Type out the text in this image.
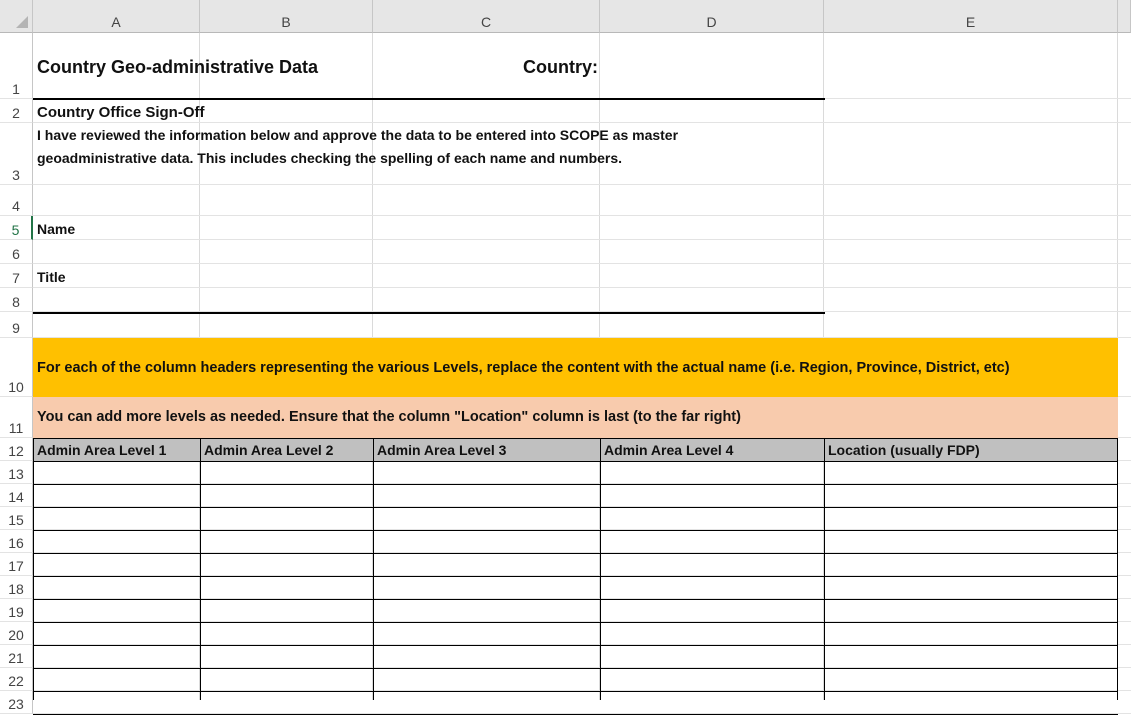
A	B	C	D	E
1
2
3
4
5
6
7
8
9
10
11
12
13
14
15
16
17
18
19
20
21
22
23
Country Geo-administrative Data	Country:
Country Office Sign-Off
I have reviewed the information below and approve the data to be entered into SCOPE as master
geoadministrative data. This includes checking the spelling of each name and numbers.
Name
Title
For each of the column headers representing the various Levels, replace the content with the actual name (i.e. Region, Province, District, etc)
You can add more levels as needed. Ensure that the column "Location" column is last (to the far right)
Admin Area Level 1	Admin Area Level 2	Admin Area Level 3	Admin Area Level 4	Location (usually FDP)
